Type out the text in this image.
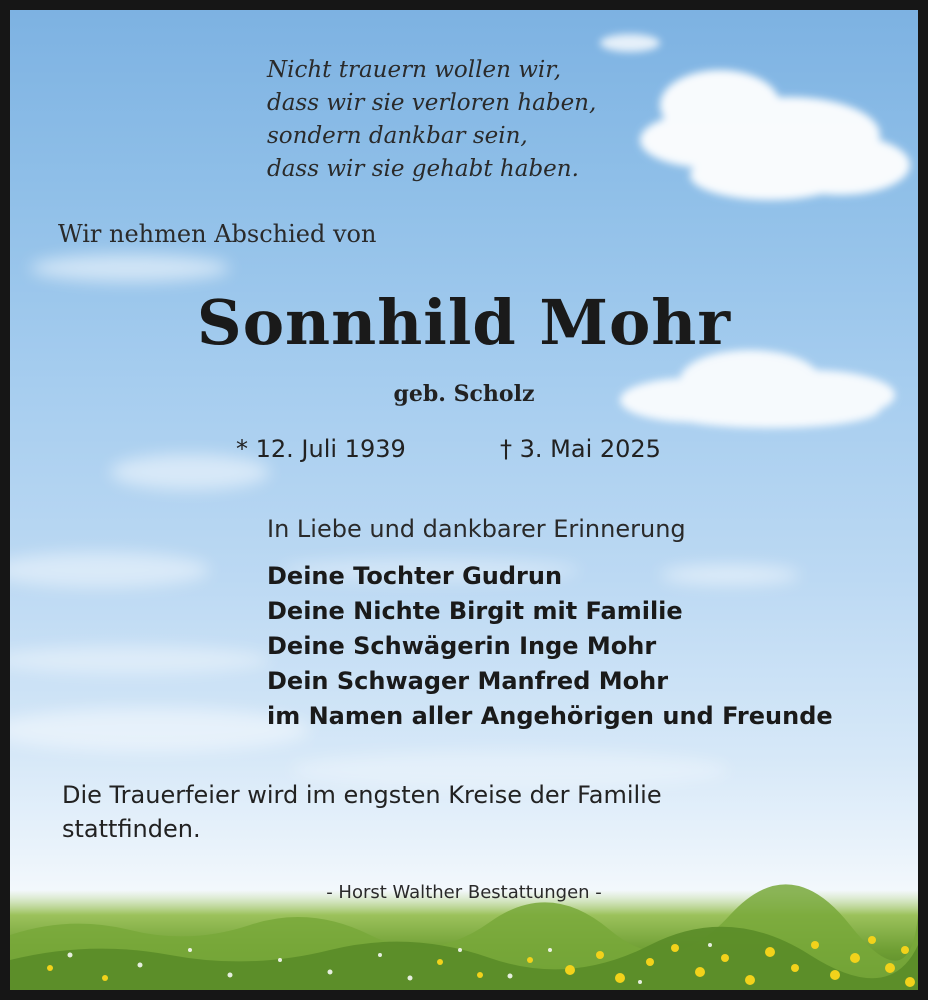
Nicht trauern wollen wir,
dass wir sie verloren haben,
sondern dankbar sein,
dass wir sie gehabt haben.
Wir nehmen Abschied von
Sonnhild Mohr
geb. Scholz
* 12. Juli 1939	† 3. Mai 2025
In Liebe und dankbarer Erinnerung
Deine Tochter Gudrun
Deine Nichte Birgit mit Familie
Deine Schwägerin Inge Mohr
Dein Schwager Manfred Mohr
im Namen aller Angehörigen und Freunde
Die Trauerfeier wird im engsten Kreise der Familie
stattfinden.
- Horst Walther Bestattungen -
